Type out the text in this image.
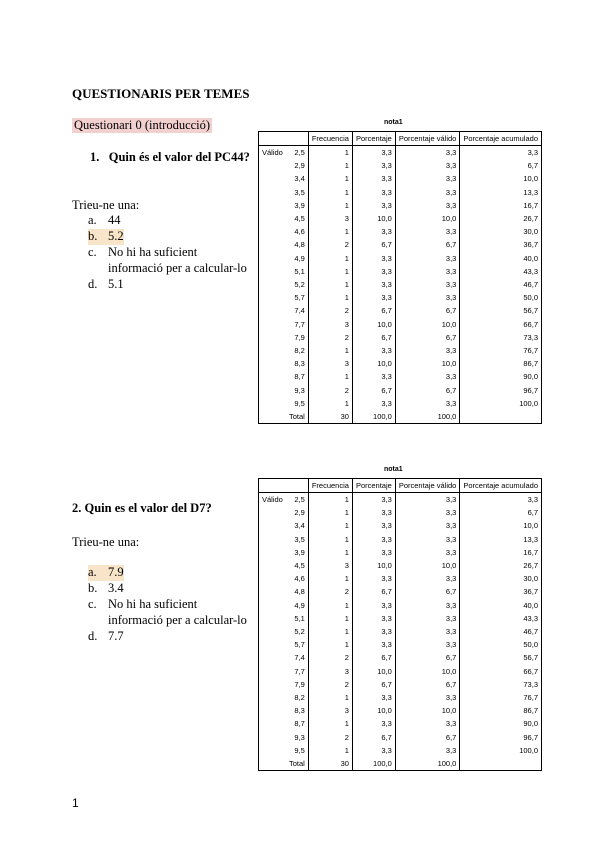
QUESTIONARIS PER TEMES
Questionari 0 (introducció)
1. Quin és el valor del PC44?
Trieu-ne una:
a. 44
b. 5.2
c. No hi ha suficient
informació per a calcular-lo
d. 5.1
2. Quin es el valor del D7?
Trieu-ne una:
a. 7.9
b. 3.4
c. No hi ha suficient
informació per a calcular-lo
d. 7.7
nota1
		Frecuencia	Porcentaje	Porcentaje válido	Porcentaje acumulado
Válido	2,5	1	3,3	3,3	3,3
	2,9	1	3,3	3,3	6,7
	3,4	1	3,3	3,3	10,0
	3,5	1	3,3	3,3	13,3
	3,9	1	3,3	3,3	16,7
	4,5	3	10,0	10,0	26,7
	4,6	1	3,3	3,3	30,0
	4,8	2	6,7	6,7	36,7
	4,9	1	3,3	3,3	40,0
	5,1	1	3,3	3,3	43,3
	5,2	1	3,3	3,3	46,7
	5,7	1	3,3	3,3	50,0
	7,4	2	6,7	6,7	56,7
	7,7	3	10,0	10,0	66,7
	7,9	2	6,7	6,7	73,3
	8,2	1	3,3	3,3	76,7
	8,3	3	10,0	10,0	86,7
	8,7	1	3,3	3,3	90,0
	9,3	2	6,7	6,7	96,7
	9,5	1	3,3	3,3	100,0
	Total	30	100,0	100,0	
nota1
		Frecuencia	Porcentaje	Porcentaje válido	Porcentaje acumulado
Válido	2,5	1	3,3	3,3	3,3
	2,9	1	3,3	3,3	6,7
	3,4	1	3,3	3,3	10,0
	3,5	1	3,3	3,3	13,3
	3,9	1	3,3	3,3	16,7
	4,5	3	10,0	10,0	26,7
	4,6	1	3,3	3,3	30,0
	4,8	2	6,7	6,7	36,7
	4,9	1	3,3	3,3	40,0
	5,1	1	3,3	3,3	43,3
	5,2	1	3,3	3,3	46,7
	5,7	1	3,3	3,3	50,0
	7,4	2	6,7	6,7	56,7
	7,7	3	10,0	10,0	66,7
	7,9	2	6,7	6,7	73,3
	8,2	1	3,3	3,3	76,7
	8,3	3	10,0	10,0	86,7
	8,7	1	3,3	3,3	90,0
	9,3	2	6,7	6,7	96,7
	9,5	1	3,3	3,3	100,0
	Total	30	100,0	100,0	
1
